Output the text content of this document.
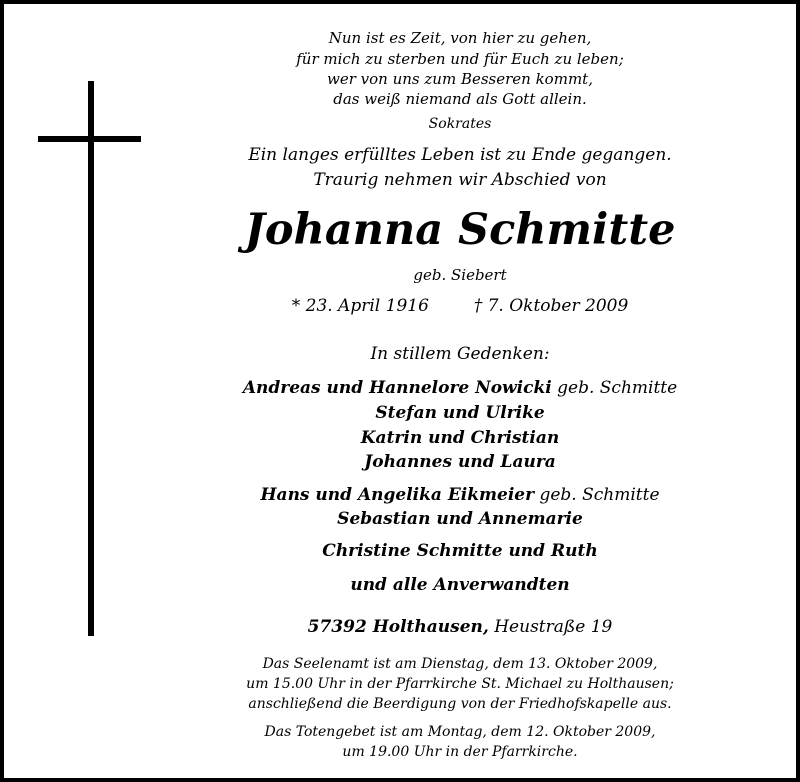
Nun ist es Zeit, von hier zu gehen,
für mich zu sterben und für Euch zu leben;
wer von uns zum Besseren kommt,
das weiß niemand als Gott allein.
Sokrates
Ein langes erfülltes Leben ist zu Ende gegangen.
Traurig nehmen wir Abschied von
Johanna Schmitte
geb. Siebert
* 23. April 1916	† 7. Oktober 2009
In stillem Gedenken:
Andreas und Hannelore Nowicki geb. Schmitte
Stefan und Ulrike
Katrin und Christian
Johannes und Laura
Hans und Angelika Eikmeier geb. Schmitte
Sebastian und Annemarie
Christine Schmitte und Ruth
und alle Anverwandten
57392 Holthausen, Heustraße 19
Das Seelenamt ist am Dienstag, dem 13. Oktober 2009,
um 15.00 Uhr in der Pfarrkirche St. Michael zu Holthausen;
anschließend die Beerdigung von der Friedhofskapelle aus.
Das Totengebet ist am Montag, dem 12. Oktober 2009,
um 19.00 Uhr in der Pfarrkirche.
